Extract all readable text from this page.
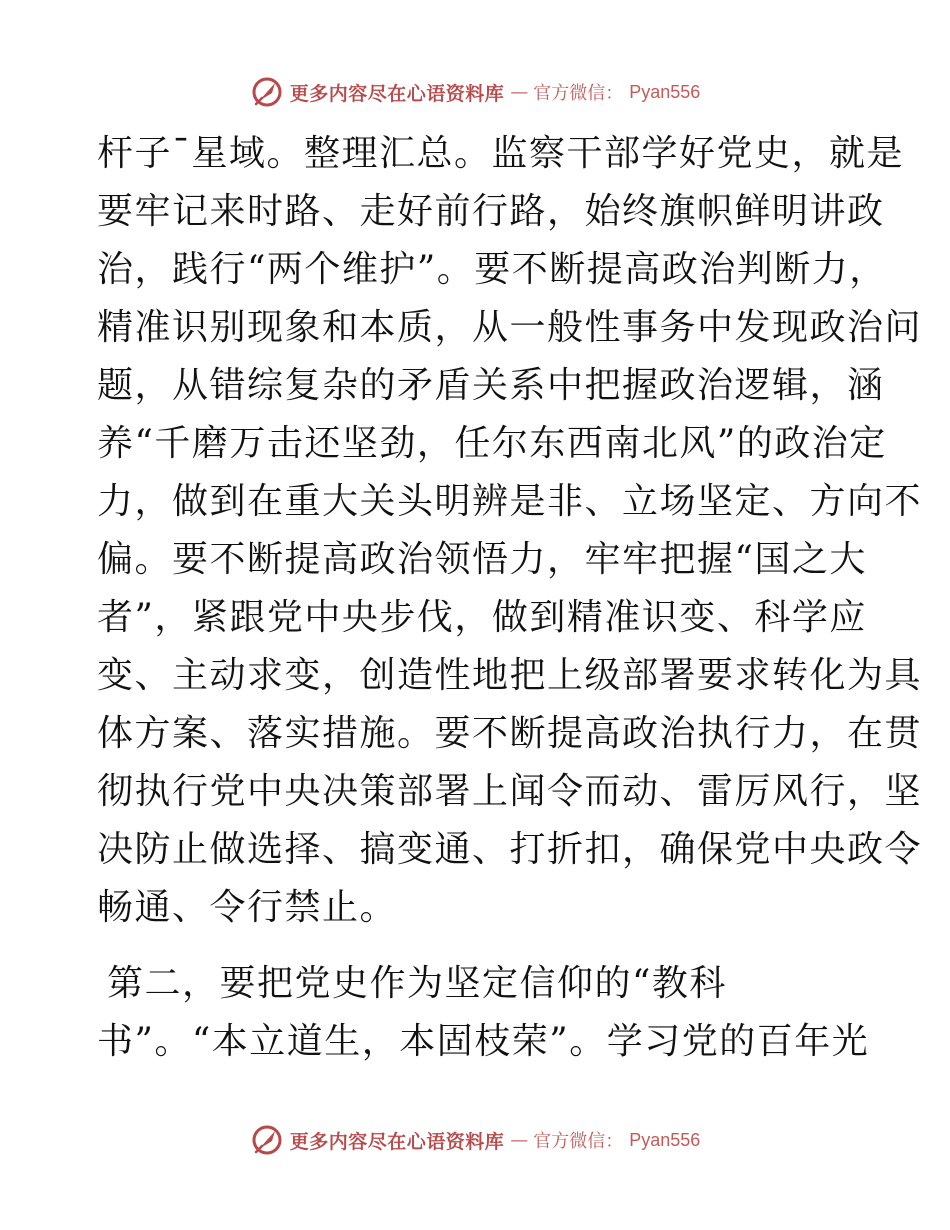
更多内容尽在心语资料库 — 官方微信： Pyan556
杆子¯星域。整理汇总。监察干部学好党史，就是
要牢记来时路、走好前行路，始终旗帜鲜明讲政
治，践行“两个维护”。要不断提高政治判断力，
精准识别现象和本质，从一般性事务中发现政治问
题，从错综复杂的矛盾关系中把握政治逻辑，涵
养“千磨万击还坚劲，任尔东西南北风”的政治定
力，做到在重大关头明辨是非、立场坚定、方向不
偏。要不断提高政治领悟力，牢牢把握“国之大
者”，紧跟党中央步伐，做到精准识变、科学应
变、主动求变，创造性地把上级部署要求转化为具
体方案、落实措施。要不断提高政治执行力，在贯
彻执行党中央决策部署上闻令而动、雷厉风行，坚
决防止做选择、搞变通、打折扣，确保党中央政令
畅通、令行禁止。
第二，要把党史作为坚定信仰的“教科
书”。“本立道生，本固枝荣”。学习党的百年光
更多内容尽在心语资料库 — 官方微信： Pyan556
